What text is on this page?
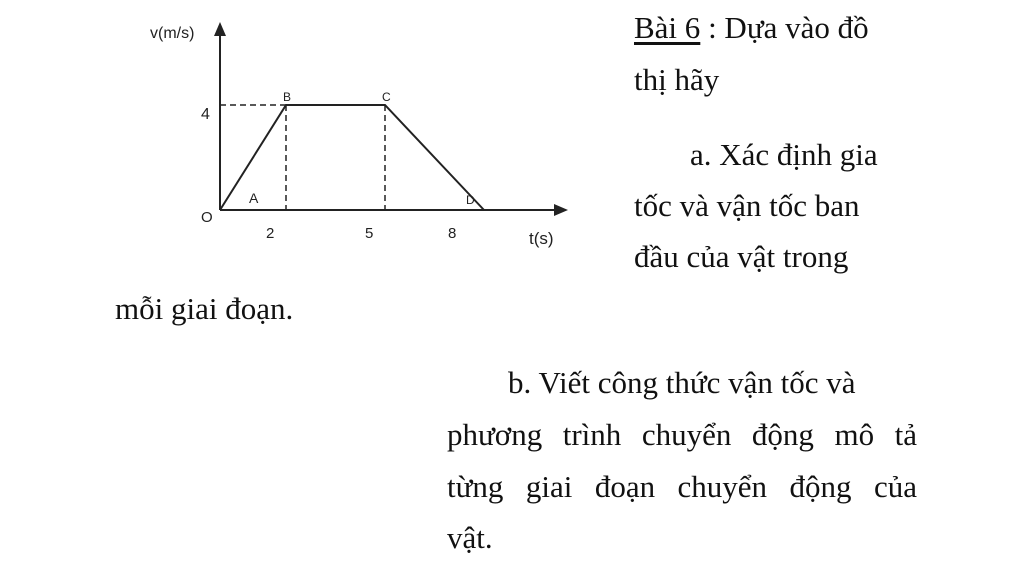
v(m/s)
t(s)
4
O
2	5	8
B	C
D
A
Bài 6 : Dựa vào đồ
thị hãy
a. Xác định gia
tốc và vận tốc ban
đầu của vật trong
mỗi giai đoạn.
b. Viết công thức vận tốc và
phương trình chuyển động mô tả
từng giai đoạn chuyển động của
vật.
